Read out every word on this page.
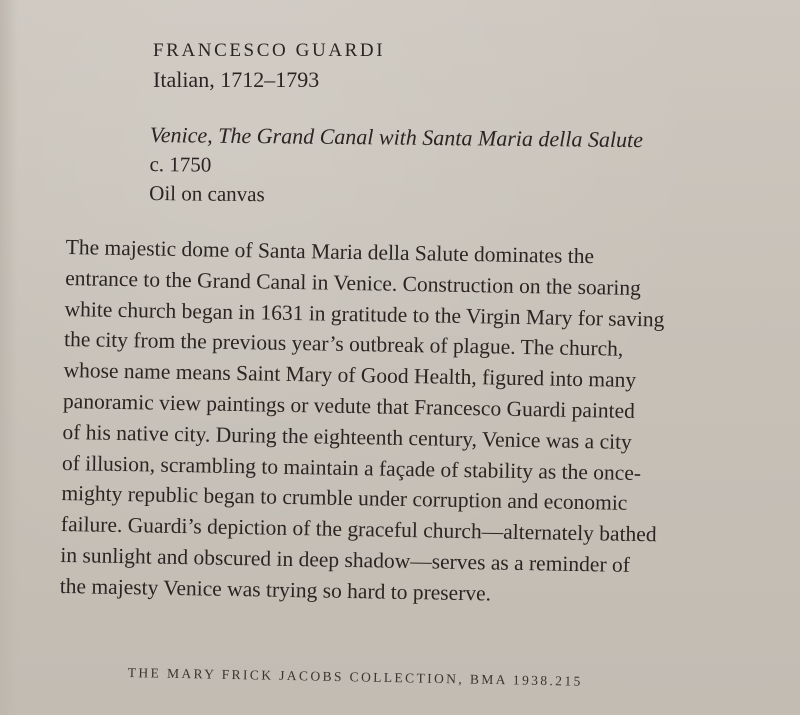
FRANCESCO GUARDI

Italian, 1712–1793

Venice, The Grand Canal with Santa Maria della Salute

c. 1750

Oil on canvas

The majestic dome of Santa Maria della Salute dominates the

entrance to the Grand Canal in Venice. Construction on the soaring

white church began in 1631 in gratitude to the Virgin Mary for saving

the city from the previous year’s outbreak of plague. The church,

whose name means Saint Mary of Good Health, figured into many

panoramic view paintings or vedute that Francesco Guardi painted

of his native city. During the eighteenth century, Venice was a city

of illusion, scrambling to maintain a façade of stability as the once-

mighty republic began to crumble under corruption and economic

failure. Guardi’s depiction of the graceful church—alternately bathed

in sunlight and obscured in deep shadow—serves as a reminder of

the majesty Venice was trying so hard to preserve.

THE MARY FRICK JACOBS COLLECTION, BMA 1938.215
